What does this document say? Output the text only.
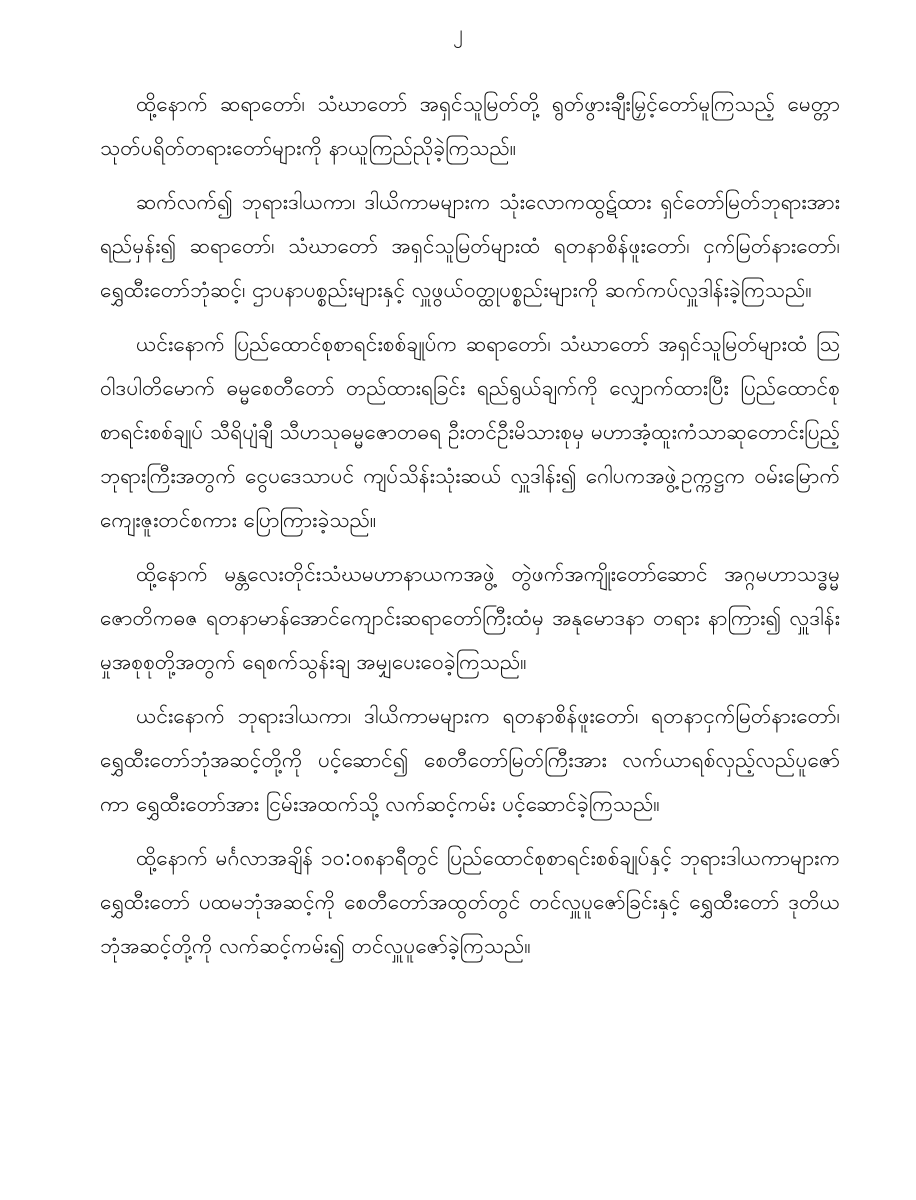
၂

ထို့နောက် ဆရာတော်၊ သံဃာတော် အရှင်သူမြတ်တို့ ရွတ်ဖွားချီးမြှင့်တော်မူကြသည့် မေတ္တာသုတ်ပရိတ်တရားတော်များကို နာယူကြည်ညိုခဲ့ကြသည်။

ဆက်လက်၍ ဘုရားဒါယကာ၊ ဒါယိကာမများက သုံးလောကထွဋ်ထား ရှင်တော်မြတ်ဘုရားအား ရည်မှန်း၍ ဆရာတော်၊ သံဃာတော် အရှင်သူမြတ်များထံ ရတနာစိန်ဖူးတော်၊ ငှက်မြတ်နားတော်၊ ရွှေထီးတော်ဘုံဆင့်၊ ဌာပနာပစ္စည်းများနှင့် လှူဖွယ်ဝတ္ထုပစ္စည်းများကို ဆက်ကပ်လှူဒါန်းခဲ့ကြသည်။

ယင်းနောက် ပြည်ထောင်စုစာရင်းစစ်ချုပ်က ဆရာတော်၊ သံဃာတော် အရှင်သူမြတ်များထံ သြဝါဒပါတိမောက် ဓမ္မစေတီတော် တည်ထားရခြင်း ရည်ရွယ်ချက်ကို လျှောက်ထားပြီး ပြည်ထောင်စုစာရင်းစစ်ချုပ် သီရိပျံချီ သီဟသုဓမ္မဇောတဓရ ဦးတင်ဦးမိသားစုမှ မဟာအံ့ထူးကံသာဆုတောင်းပြည့်ဘုရားကြီးအတွက် ငွေပဒေသာပင် ကျပ်သိန်းသုံးဆယ် လှူဒါန်း၍ ဂေါပကအဖွဲ့ဥက္ကဋ္ဌက ဝမ်းမြောက်ကျေးဇူးတင်စကား ပြောကြားခဲ့သည်။

ထို့နောက် မန္တလေးတိုင်းသံဃမဟာနာယကအဖွဲ့ တွဲဖက်အကျိုးတော်ဆောင် အဂ္ဂမဟာသဒ္ဓမ္မဇောတိကဓဇ ရတနာမာန်အောင်ကျောင်းဆရာတော်ကြီးထံမှ အနုမောဒနာ တရား နာကြား၍ လှူဒါန်းမှုအစုစုတို့အတွက် ရေစက်သွန်းချ အမျှပေးဝေခဲ့ကြသည်။

ယင်းနောက် ဘုရားဒါယကာ၊ ဒါယိကာမများက ရတနာစိန်ဖူးတော်၊ ရတနာငှက်မြတ်နားတော်၊ ရွှေထီးတော်ဘုံအဆင့်တို့ကို ပင့်ဆောင်၍ စေတီတော်မြတ်ကြီးအား လက်ယာရစ်လှည့်လည်ပူဇော်ကာ ရွှေထီးတော်အား ငြမ်းအထက်သို့ လက်ဆင့်ကမ်း ပင့်ဆောင်ခဲ့ကြသည်။

ထို့နောက် မင်္ဂလာအချိန် ၁၀:၀၈နာရီတွင် ပြည်ထောင်စုစာရင်းစစ်ချုပ်နှင့် ဘုရားဒါယကာများက ရွှေထီးတော် ပထမဘုံအဆင့်ကို စေတီတော်အထွတ်တွင် တင်လှူပူဇော်ခြင်းနှင့် ရွှေထီးတော် ဒုတိယဘုံအဆင့်တို့ကို လက်ဆင့်ကမ်း၍ တင်လှူပူဇော်ခဲ့ကြသည်။
